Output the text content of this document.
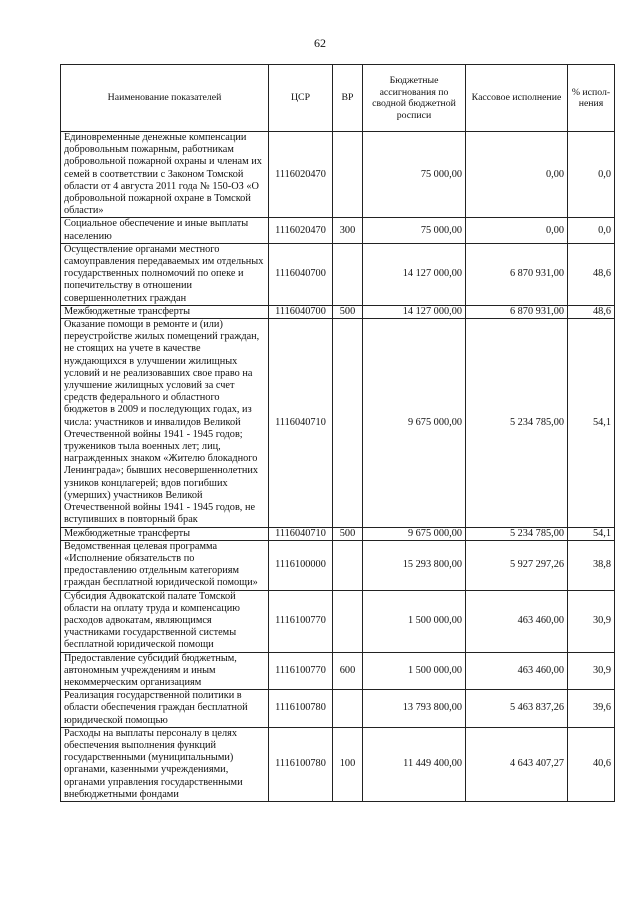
62
Наименование показателей	ЦСР	ВР	Бюджетные ассигнования по сводной бюджетной росписи	Кассовое исполнение	% испол-нения
Единовременные денежные компенсации добровольным пожарным, работникам добровольной пожарной охраны и членам их семей в соответствии с Законом Томской области от 4 августа 2011 года № 150-ОЗ «О добровольной пожарной охране в Томской области»	1116020470		75 000,00	0,00	0,0
Социальное обеспечение и иные выплаты населению	1116020470	300	75 000,00	0,00	0,0
Осуществление органами местного самоуправления передаваемых им отдельных государственных полномочий по опеке и попечительству в отношении совершеннолетних граждан	1116040700		14 127 000,00	6 870 931,00	48,6
Межбюджетные трансферты	1116040700	500	14 127 000,00	6 870 931,00	48,6
Оказание помощи в ремонте и (или) переустройстве жилых помещений граждан, не стоящих на учете в качестве нуждающихся в улучшении жилищных условий и не реализовавших свое право на улучшение жилищных условий за счет средств федерального и областного бюджетов в 2009 и последующих годах, из числа: участников и инвалидов Великой Отечественной войны 1941 - 1945 годов; тружеников тыла военных лет; лиц, награжденных знаком «Жителю блокадного Ленинграда»; бывших несовершеннолетних узников концлагерей; вдов погибших (умерших) участников Великой Отечественной войны 1941 - 1945 годов, не вступивших в повторный брак	1116040710		9 675 000,00	5 234 785,00	54,1
Межбюджетные трансферты	1116040710	500	9 675 000,00	5 234 785,00	54,1
Ведомственная целевая программа «Исполнение обязательств по предоставлению отдельным категориям граждан бесплатной юридической помощи»	1116100000		15 293 800,00	5 927 297,26	38,8
Субсидия Адвокатской палате Томской области на оплату труда и компенсацию расходов адвокатам, являющимся участниками государственной системы бесплатной юридической помощи	1116100770		1 500 000,00	463 460,00	30,9
Предоставление субсидий бюджетным, автономным учреждениям и иным некоммерческим организациям	1116100770	600	1 500 000,00	463 460,00	30,9
Реализация государственной политики в области обеспечения граждан бесплатной юридической помощью	1116100780		13 793 800,00	5 463 837,26	39,6
Расходы на выплаты персоналу в целях обеспечения выполнения функций государственными (муниципальными) органами, казенными учреждениями, органами управления государственными внебюджетными фондами	1116100780	100	11 449 400,00	4 643 407,27	40,6
